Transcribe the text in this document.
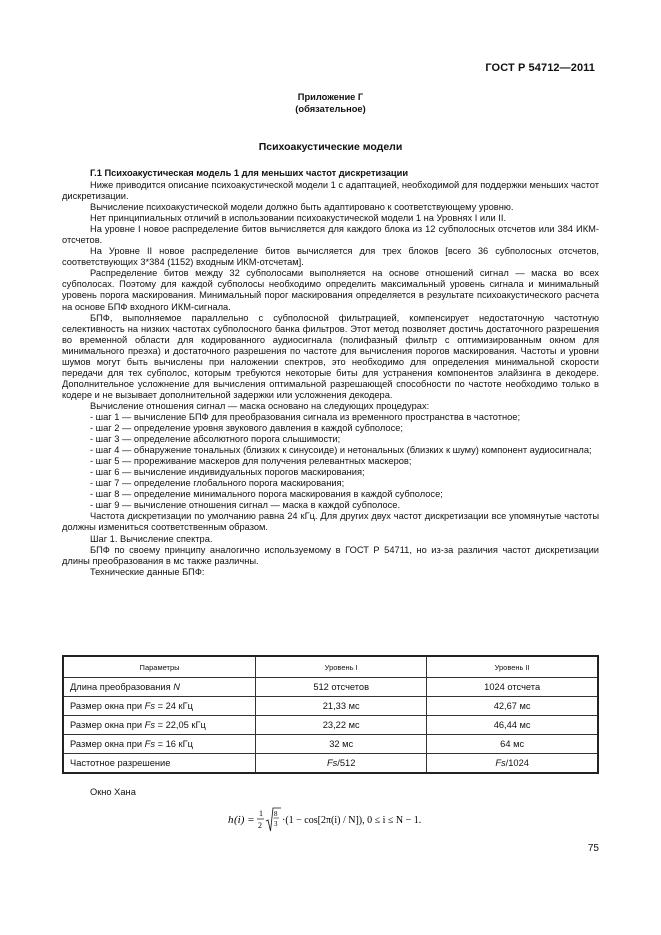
ГОСТ Р 54712—2011
Приложение Г
(обязательное)
Психоакустические модели
Г.1 Психоакустическая модель 1 для меньших частот дискретизации

Ниже приводится описание психоакустической модели 1 с адаптацией, необходимой для поддержки меньших частот дискретизации.

Вычисление психоакустической модели должно быть адаптировано к соответствующему уровню.

Нет принципиальных отличий в использовании психоакустической модели 1 на Уровнях I или II.

На уровне I новое распределение битов вычисляется для каждого блока из 12 субполосных отсчетов или 384 ИКМ-отсчетов.

На Уровне II новое распределение битов вычисляется для трех блоков [всего 36 субполосных отсчетов, соответствующих 3*384 (1152) входным ИКМ-отсчетам].

Распределение битов между 32 субполосами выполняется на основе отношений сигнал — маска во всех субполосах. Поэтому для каждой субполосы необходимо определить максимальный уровень сигнала и минимальный уровень порога маскирования. Минимальный порог маскирования определяется в результате психоакустического расчета на основе БПФ входного ИКМ-сигнала.

БПФ, выполняемое параллельно с субполосной фильтрацией, компенсирует недостаточную частотную селективность на низких частотах субполосного банка фильтров. Этот метод позволяет достичь достаточного разрешения во временной области для кодированного аудиосигнала (полифазный фильтр с оптимизированным окном для минимального преэха) и достаточного разрешения по частоте для вычисления порогов маскирования. Частоты и уровни шумов могут быть вычислены при наложении спектров, это необходимо для определения минимальной скорости передачи для тех субполос, которым требуются некоторые биты для устранения компонентов элайзинга в декодере. Дополнительное усложнение для вычисления оптимальной разрешающей способности по частоте необходимо только в кодере и не вызывает дополнительной задержки или усложнения декодера.

Вычисление отношения сигнал — маска основано на следующих процедурах:

- шаг 1 — вычисление БПФ для преобразования сигнала из временного пространства в частотное;

- шаг 2 — определение уровня звукового давления в каждой субполосе;

- шаг 3 — определение абсолютного порога слышимости;

- шаг 4 — обнаружение тональных (близких к синусоиде) и нетональных (близких к шуму) компонент аудиосигнала;

- шаг 5 — прореживание маскеров для получения релевантных маскеров;

- шаг 6 — вычисление индивидуальных порогов маскирования;

- шаг 7 — определение глобального порога маскирования;

- шаг 8 — определение минимального порога маскирования в каждой субполосе;

- шаг 9 — вычисление отношения сигнал — маска в каждой субполосе.

Частота дискретизации по умолчанию равна 24 кГц. Для других двух частот дискретизации все упомянутые частоты должны измениться соответственным образом.

Шаг 1. Вычисление спектра.

БПФ по своему принципу аналогично используемому в ГОСТ Р 54711, но из-за различия частот дискретизации длины преобразования в мс также различны.

Технические данные БПФ:

Параметры	Уровень I	Уровень II
Длина преобразования N	512 отсчетов	1024 отсчета
Размер окна при Fs = 24 кГц	21,33 мс	42,67 мс
Размер окна при Fs = 22,05 кГц	23,22 мс	46,44 мс
Размер окна при Fs = 16 кГц	32 мс	64 мс
Частотное разрешение	Fs/512	Fs/1024
Окно Хана
h (i) =
1
2
8
3 ·(1 − cos[2π(i) / N]), 0 ≤ i ≤ N − 1.
75
